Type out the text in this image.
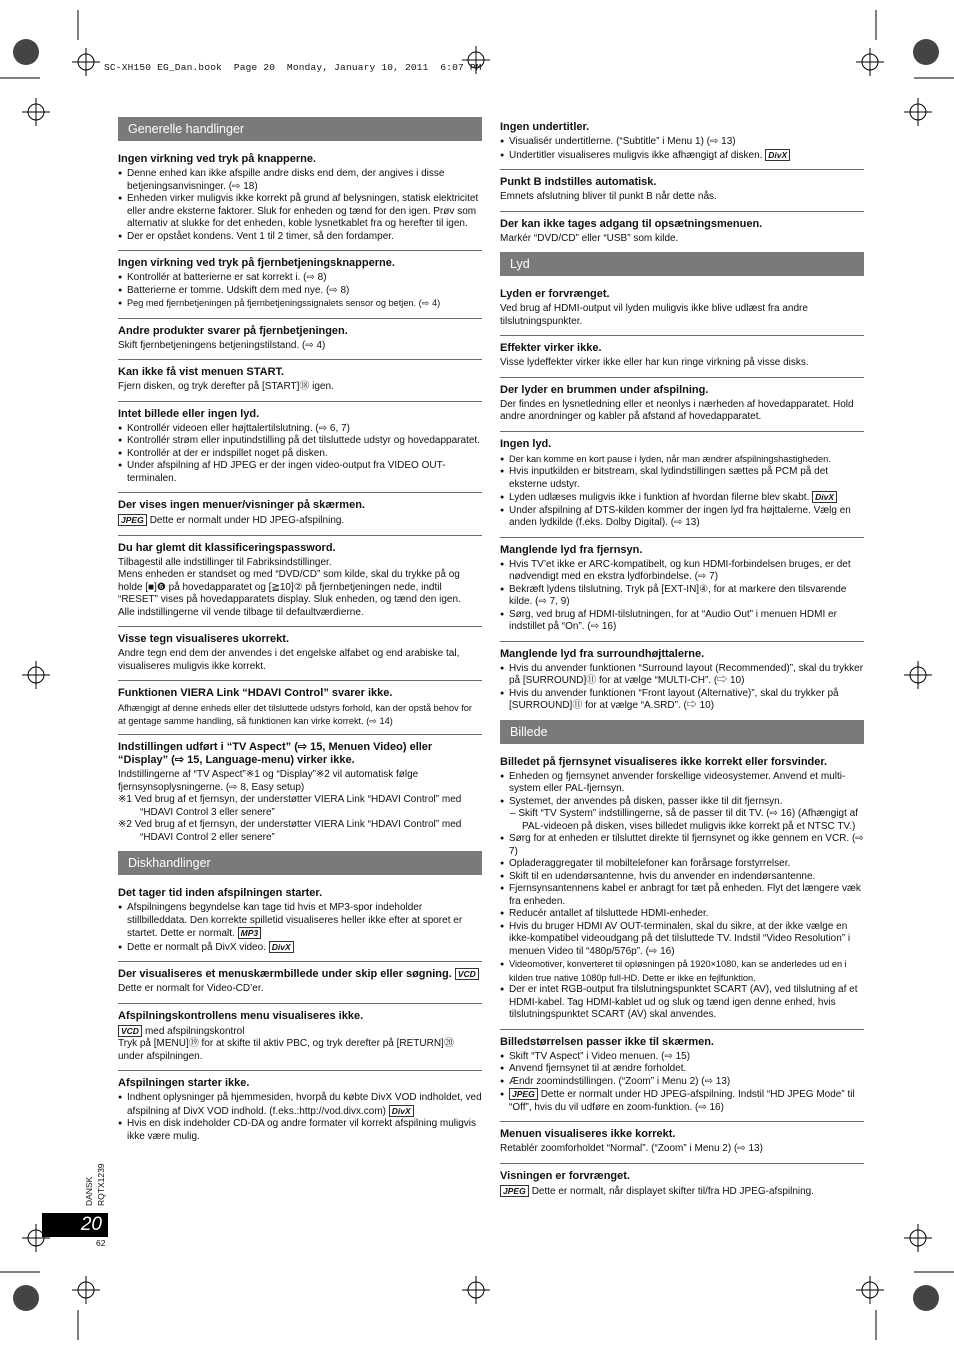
SC-XH150 EG_Dan.book  Page 20  Monday, January 10, 2011  6:07 PM
Generelle handlinger
Ingen virkning ved tryk på knapperne.
● Denne enhed kan ikke afspille andre disks end dem, der angives i disse betjeningsanvisninger. (⇨ 18)
● Enheden virker muligvis ikke korrekt på grund af belysningen, statisk elektricitet eller andre eksterne faktorer. Sluk for enheden og tænd for den igen. Prøv som alternativ at slukke for det enheden, koble lysnetkablet fra og herefter til igen.
● Der er opstået kondens. Vent 1 til 2 timer, så den fordamper.
Ingen virkning ved tryk på fjernbetjeningsknapperne.
● Kontrollér at batterierne er sat korrekt i. (⇨ 8)
● Batterierne er tomme. Udskift dem med nye. (⇨ 8)
● Peg med fjernbetjeningen på fjernbetjeningssignalets sensor og betjen. (⇨ 4)
Andre produkter svarer på fjernbetjeningen.
Skift fjernbetjeningens betjeningstilstand. (⇨ 4)
Kan ikke få vist menuen START.
Fjern disken, og tryk derefter på [START]⑱ igen.
Intet billede eller ingen lyd.
● Kontrollér videoen eller højttalertilslutning. (⇨ 6, 7)
● Kontrollér strøm eller inputindstilling på det tilsluttede udstyr og hovedapparatet.
● Kontrollér at der er indspillet noget på disken.
● Under afspilning af HD JPEG er der ingen video-output fra VIDEO OUT-terminalen.
Der vises ingen menuer/visninger på skærmen.
JPEG Dette er normalt under HD JPEG-afspilning.
Du har glemt dit klassificeringspassword.
Tilbagestil alle indstillinger til Fabriksindstillinger.
Mens enheden er standset og med “DVD/CD” som kilde, skal du trykke på og holde [■]❻ på hovedapparatet og [≧10]② på fjernbetjeningen nede, indtil “RESET” vises på hovedapparatets display. Sluk enheden, og tænd den igen.
Alle indstillingerne vil vende tilbage til defaultværdierne.
Visse tegn visualiseres ukorrekt.
Andre tegn end dem der anvendes i det engelske alfabet og end arabiske tal, visualiseres muligvis ikke korrekt.
Funktionen VIERA Link “HDAVI Control” svarer ikke.
Afhængigt af denne enheds eller det tilsluttede udstyrs forhold, kan der opstå behov for at gentage samme handling, så funktionen kan virke korrekt. (⇨ 14)
Indstillingen udført i “TV Aspect” (⇨ 15, Menuen Video) eller “Display” (⇨ 15, Language-menu) virker ikke.
Indstillingerne af “TV Aspect”※1 og “Display”※2 vil automatisk følge fjernsynsoplysningerne. (⇨ 8, Easy setup)
※1 Ved brug af et fjernsyn, der understøtter VIERA Link “HDAVI Control” med “HDAVI Control 3 eller senere”
※2 Ved brug af et fjernsyn, der understøtter VIERA Link “HDAVI Control” med “HDAVI Control 2 eller senere”
Diskhandlinger
Det tager tid inden afspilningen starter.
● Afspilningens begyndelse kan tage tid hvis et MP3-spor indeholder stillbilleddata. Den korrekte spilletid visualiseres heller ikke efter at sporet er startet. Dette er normalt. MP3
● Dette er normalt på DivX video. DivX
Der visualiseres et menuskærmbillede under skip eller søgning. VCD
Dette er normalt for Video-CD’er.
Afspilningskontrollens menu visualiseres ikke.
VCD med afspilningskontrol
Tryk på [MENU]⑲ for at skifte til aktiv PBC, og tryk derefter på [RETURN]⑳ under afspilningen.
Afspilningen starter ikke.
● Indhent oplysninger på hjemmesiden, hvorpå du købte DivX VOD indholdet, ved afspilning af DivX VOD indhold. (f.eks.:http://vod.divx.com) DivX
● Hvis en disk indeholder CD-DA og andre formater vil korrekt afspilning muligvis ikke være mulig.
Ingen undertitler.
● Visualisér undertitlerne. (“Subtitle” i Menu 1) (⇨ 13)
● Undertitler visualiseres muligvis ikke afhængigt af disken. DivX
Punkt B indstilles automatisk.
Emnets afslutning bliver til punkt B når dette nås.
Der kan ikke tages adgang til opsætningsmenuen.
Markér “DVD/CD” eller “USB” som kilde.
Lyd
Lyden er forvrænget.
Ved brug af HDMI-output vil lyden muligvis ikke blive udlæst fra andre tilslutningspunkter.
Effekter virker ikke.
Visse lydeffekter virker ikke eller har kun ringe virkning på visse disks.
Der lyder en brummen under afspilning.
Der findes en lysnetledning eller et neonlys i nærheden af hovedapparatet. Hold andre anordninger og kabler på afstand af hovedapparatet.
Ingen lyd.
● Der kan komme en kort pause i lyden, når man ændrer afspilningshastigheden.
● Hvis inputkilden er bitstream, skal lydindstillingen sættes på PCM på det eksterne udstyr.
● Lyden udlæses muligvis ikke i funktion af hvordan filerne blev skabt. DivX
● Under afspilning af DTS-kilden kommer der ingen lyd fra højttalerne. Vælg en anden lydkilde (f.eks. Dolby Digital). (⇨ 13)
Manglende lyd fra fjernsyn.
● Hvis TV’et ikke er ARC-kompatibelt, og kun HDMI-forbindelsen bruges, er det nødvendigt med en ekstra lydforbindelse. (⇨ 7)
● Bekræft lydens tilslutning. Tryk på [EXT-IN]④, for at markere den tilsvarende kilde. (⇨ 7, 9)
● Sørg, ved brug af HDMI-tilslutningen, for at “Audio Out” i menuen HDMI er indstillet på “On”. (⇨ 16)
Manglende lyd fra surroundhøjttalerne.
● Hvis du anvender funktionen “Surround layout (Recommended)”, skal du trykker på [SURROUND]⑪ for at vælge “MULTI-CH”. (⇨ 10)
● Hvis du anvender funktionen “Front layout (Alternative)”, skal du trykker på [SURROUND]⑪ for at vælge “A.SRD”. (⇨ 10)
Billede
Billedet på fjernsynet visualiseres ikke korrekt eller forsvinder.
● Enheden og fjernsynet anvender forskellige videosystemer. Anvend et multi-system eller PAL-fjernsyn.
● Systemet, der anvendes på disken, passer ikke til dit fjernsyn.
– Skift “TV System” indstillingerne, så de passer til dit TV. (⇨ 16) (Afhængigt af PAL-videoen på disken, vises billedet muligvis ikke korrekt på et NTSC TV.)
● Sørg for at enheden er tilsluttet direkte til fjernsynet og ikke gennem en VCR. (⇨ 7)
● Opladeraggregater til mobiltelefoner kan forårsage forstyrrelser.
● Skift til en udendørsantenne, hvis du anvender en indendørsantenne.
● Fjernsynsantennens kabel er anbragt for tæt på enheden. Flyt det længere væk fra enheden.
● Reducér antallet af tilsluttede HDMI-enheder.
● Hvis du bruger HDMI AV OUT-terminalen, skal du sikre, at der ikke vælge en ikke-kompatibel videoudgang på det tilsluttede TV. Indstil “Video Resolution” i menuen Video til “480p/576p”. (⇨ 16)
● Videomotiver, konverteret til opløsningen på 1920×1080, kan se anderledes ud en i kilden true native 1080p full-HD. Dette er ikke en fejlfunktion.
● Der er intet RGB-output fra tilslutningspunktet SCART (AV), ved tilslutning af et HDMI-kabel. Tag HDMI-kablet ud og sluk og tænd igen denne enhed, hvis tilslutningspunktet SCART (AV) skal anvendes.
Billedstørrelsen passer ikke til skærmen.
● Skift “TV Aspect” i Video menuen. (⇨ 15)
● Anvend fjernsynet til at ændre forholdet.
● Ændr zoomindstillingen. (“Zoom” i Menu 2) (⇨ 13)
● JPEG Dette er normalt under HD JPEG-afspilning. Indstil “HD JPEG Mode” til “Off”, hvis du vil udføre en zoom-funktion. (⇨ 16)
Menuen visualiseres ikke korrekt.
Retablér zoomforholdet “Normal”. (“Zoom” i Menu 2) (⇨ 13)
Visningen er forvrænget.
JPEG Dette er normalt, når displayet skifter til/fra HD JPEG-afspilning.
DANSK RQTX1239
20
62
